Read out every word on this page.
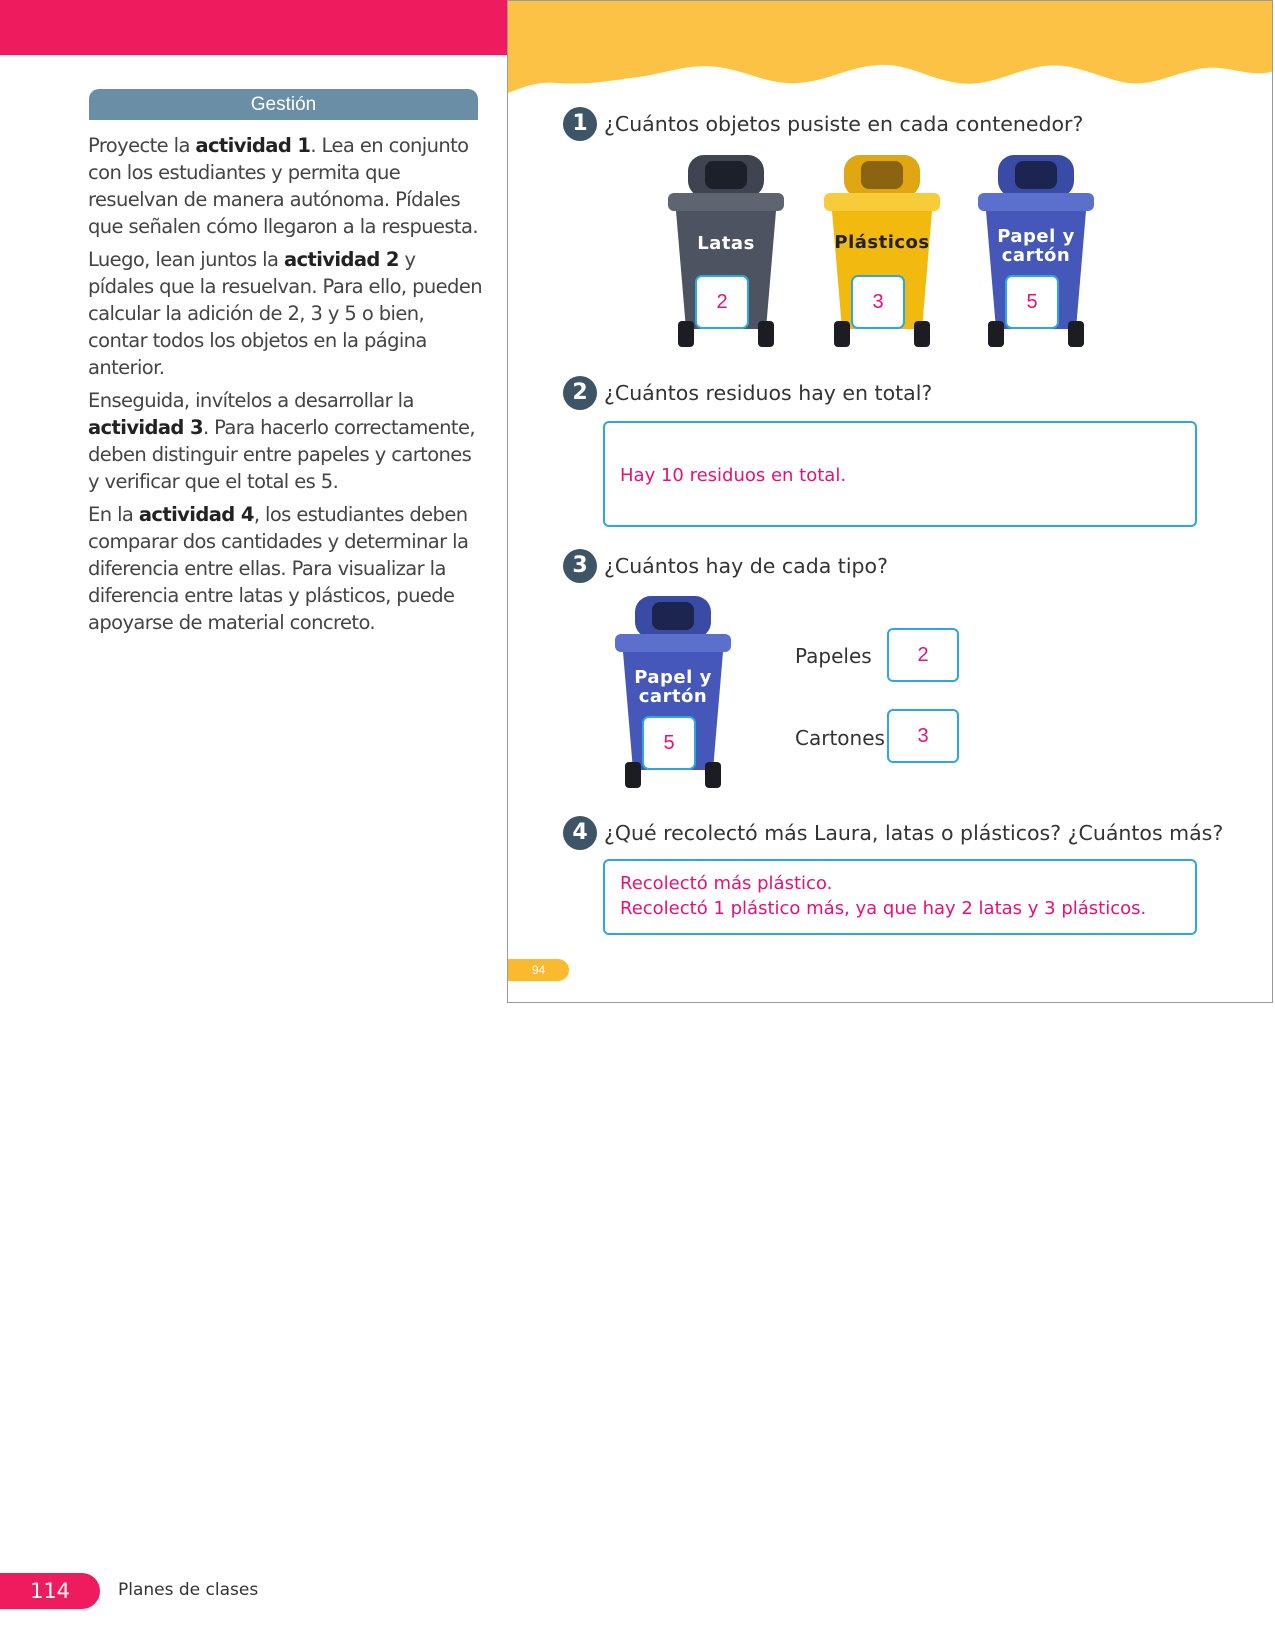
Gestión

Proyecte la actividad 1. Lea en conjunto con los estudiantes y permita que resuelvan de manera autónoma. Pídales que señalen cómo llegaron a la respuesta.

Luego, lean juntos la actividad 2 y pídales que la resuelvan. Para ello, pueden calcular la adición de 2, 3 y 5 o bien, contar todos los objetos en la página anterior.

Enseguida, invítelos a desarrollar la actividad 3. Para hacerlo correctamente, deben distinguir entre papeles y cartones y verificar que el total es 5.

En la actividad 4, los estudiantes deben comparar dos cantidades y determinar la diferencia entre ellas. Para visualizar la diferencia entre latas y plásticos, puede apoyarse de material concreto.

1 ¿Cuántos objetos pusiste en cada contenedor?
Latas
2
Plásticos
3
Papel y cartón
5
2 ¿Cuántos residuos hay en total?
Hay 10 residuos en total.
3 ¿Cuántos hay de cada tipo?
Papel y cartón
5
Papeles	2
Cartones	3
4 ¿Qué recolectó más Laura, latas o plásticos? ¿Cuántos más?
Recolectó más plástico.
Recolectó 1 plástico más, ya que hay 2 latas y 3 plásticos.
94
114	Planes de clases
